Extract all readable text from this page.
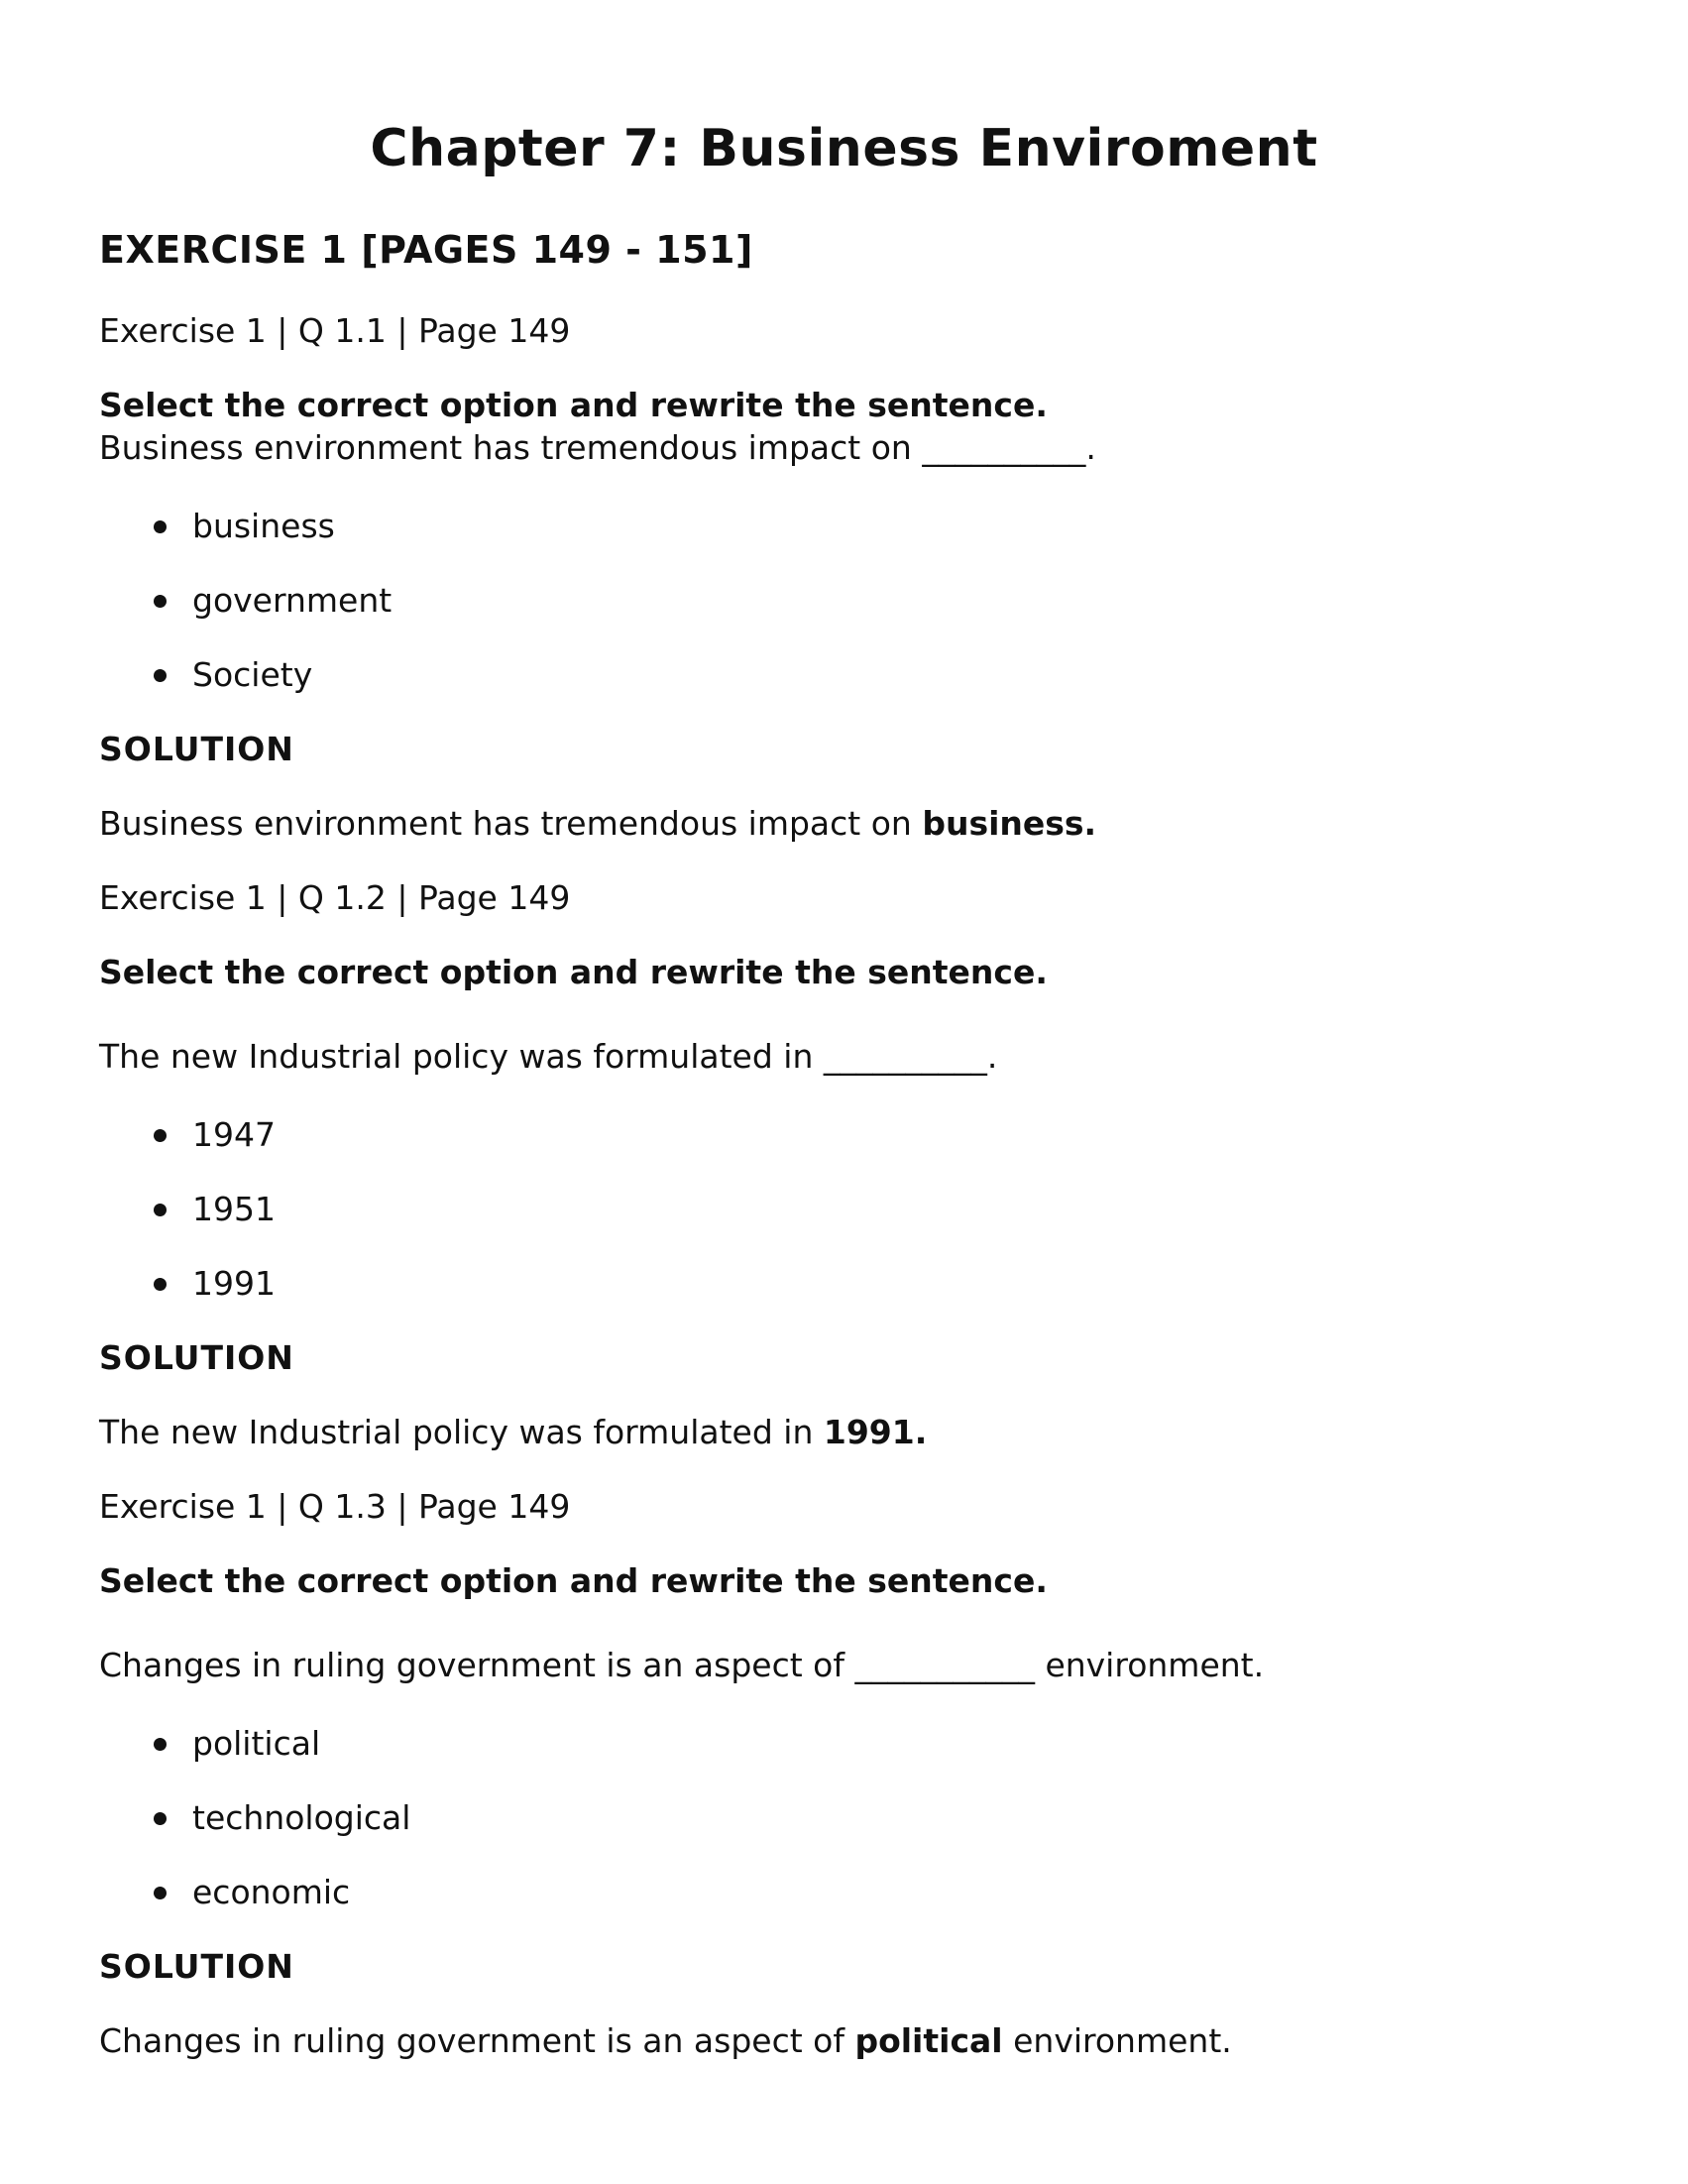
Chapter 7: Business Enviroment
EXERCISE 1 [PAGES 149 - 151]
Exercise 1 | Q 1.1 | Page 149
Select the correct option and rewrite the sentence.
Business environment has tremendous impact on __________.
business
government
Society
SOLUTION
Business environment has tremendous impact on business.
Exercise 1 | Q 1.2 | Page 149
Select the correct option and rewrite the sentence.
The new Industrial policy was formulated in __________.
1947
1951
1991
SOLUTION
The new Industrial policy was formulated in 1991.
Exercise 1 | Q 1.3 | Page 149
Select the correct option and rewrite the sentence.
Changes in ruling government is an aspect of ___________ environment.
political
technological
economic
SOLUTION
Changes in ruling government is an aspect of political environment.
